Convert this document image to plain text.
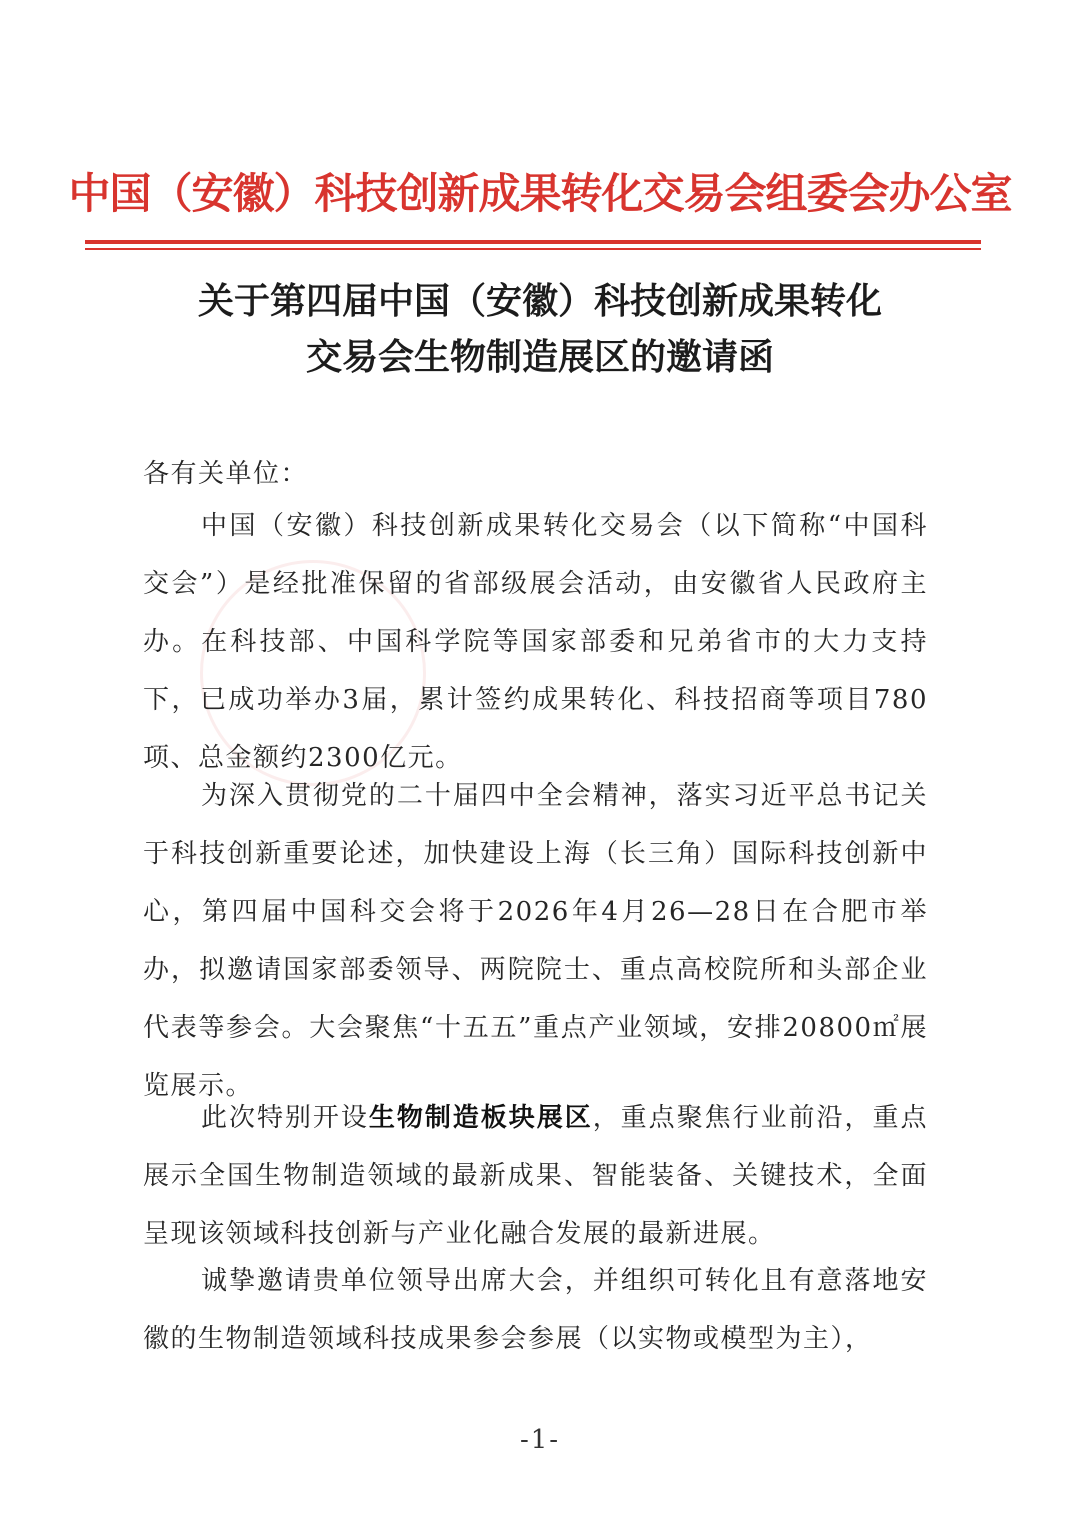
中国（安徽）科技创新成果转化交易会组委会办公室
关于第四届中国（安徽）科技创新成果转化
交易会生物制造展区的邀请函
各有关单位：
中国（安徽）科技创新成果转化交易会（以下简称“中国科交会”）是经批准保留的省部级展会活动，由安徽省人民政府主办。在科技部、中国科学院等国家部委和兄弟省市的大力支持下，已成功举办3届，累计签约成果转化、科技招商等项目780项、总金额约2300亿元。
为深入贯彻党的二十届四中全会精神，落实习近平总书记关于科技创新重要论述，加快建设上海（长三角）国际科技创新中心，第四届中国科交会将于2026年4月26—28日在合肥市举办，拟邀请国家部委领导、两院院士、重点高校院所和头部企业代表等参会。大会聚焦“十五五”重点产业领域，安排20800㎡展览展示。
此次特别开设生物制造板块展区，重点聚焦行业前沿，重点展示全国生物制造领域的最新成果、智能装备、关键技术，全面呈现该领域科技创新与产业化融合发展的最新进展。
诚挚邀请贵单位领导出席大会，并组织可转化且有意落地安徽的生物制造领域科技成果参会参展（以实物或模型为主），
-1-
